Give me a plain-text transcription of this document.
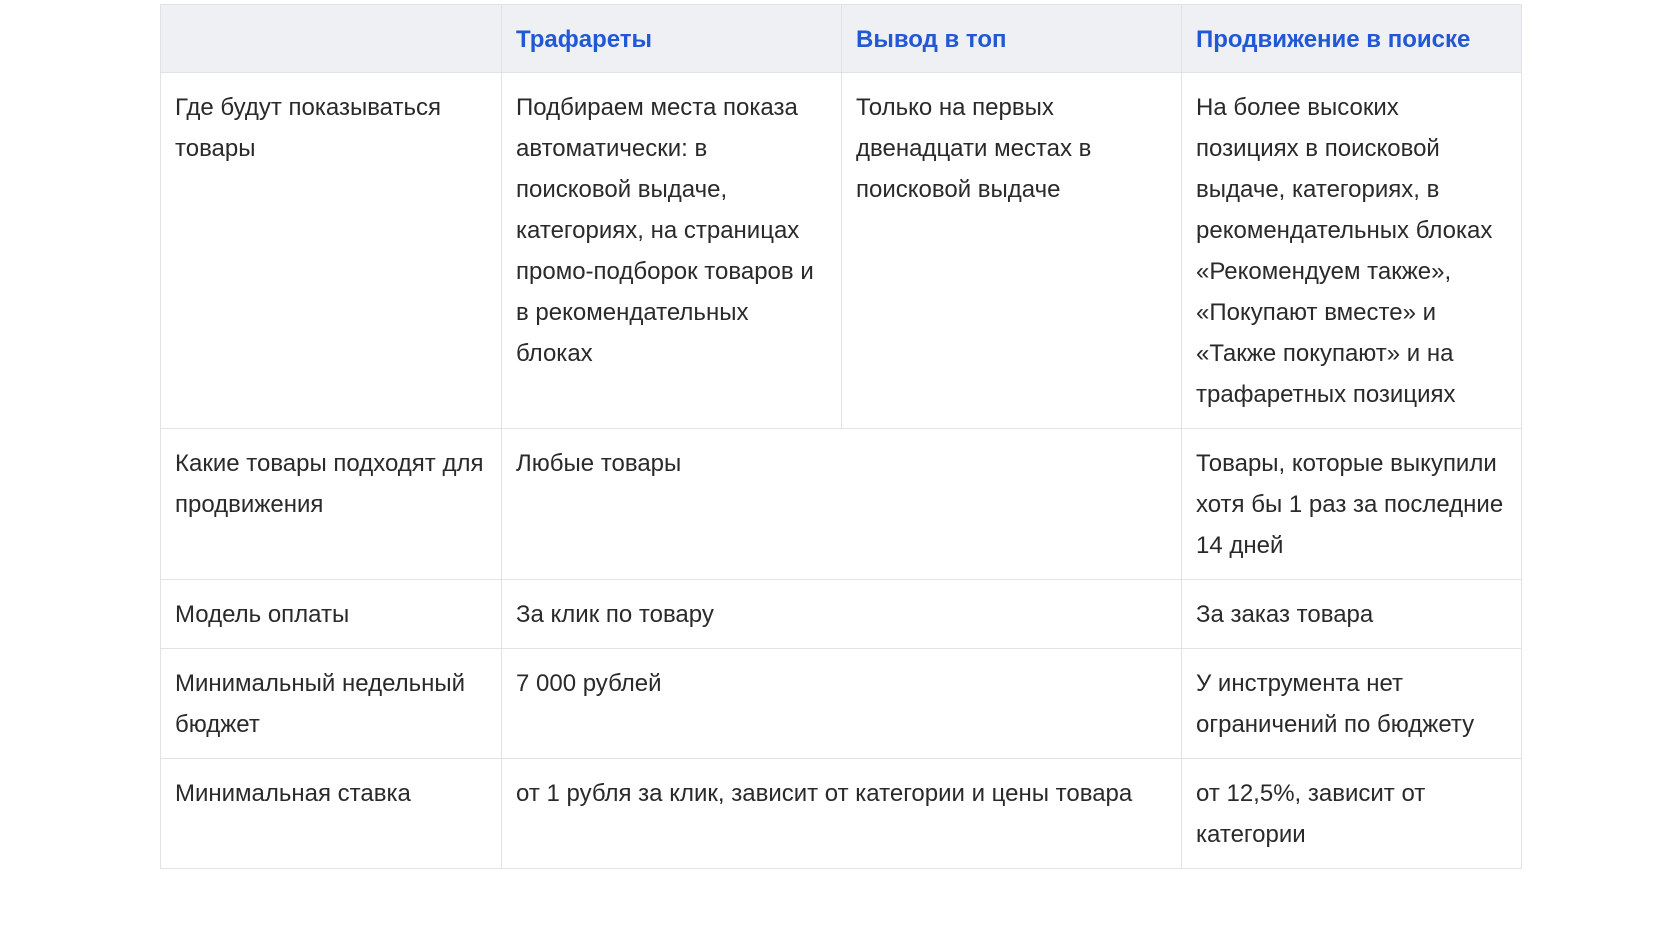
	Трафареты	Вывод в топ	Продвижение в поиске
Где будут показываться товары	Подбираем места показа автоматически: в поисковой выдаче, категориях, на страницах промо-подборок товаров и в рекомендательных блоках	Только на первых двенадцати местах в поисковой выдаче	На более высоких позициях в поисковой выдаче, категориях, в рекомендательных блоках «Рекомендуем также», «Покупают вместе» и «Также покупают» и на трафаретных позициях
Какие товары подходят для продвижения	Любые товары		Товары, которые выкупили хотя бы 1 раз за последние 14 дней
Модель оплаты	За клик по товару		За заказ товара
Минимальный недельный бюджет	7 000 рублей		У инструмента нет ограничений по бюджету
Минимальная ставка	от 1 рубля за клик, зависит от категории и цены товара		от 12,5%, зависит от категории
